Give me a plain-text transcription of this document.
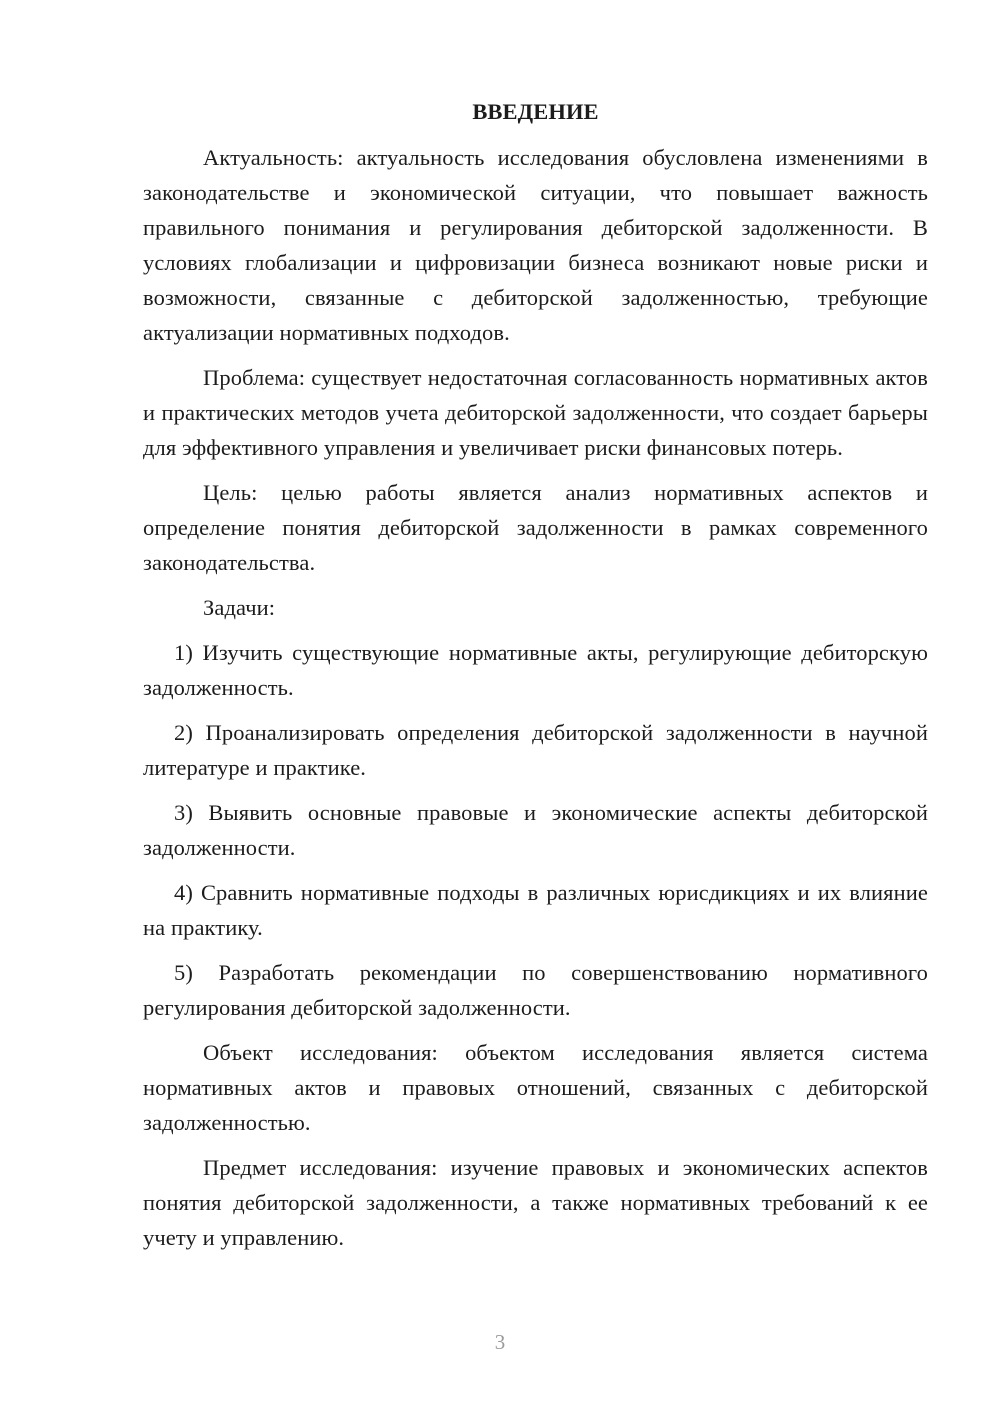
ВВЕДЕНИЕ

Актуальность: актуальность исследования обусловлена изменениями в законодательстве и экономической ситуации, что повышает важность правильного понимания и регулирования дебиторской задолженности. В условиях глобализации и цифровизации бизнеса возникают новые риски и возможности, связанные с дебиторской задолженностью, требующие актуализации нормативных подходов.

Проблема: существует недостаточная согласованность нормативных актов и практических методов учета дебиторской задолженности, что создает барьеры для эффективного управления и увеличивает риски финансовых потерь.

Цель: целью работы является анализ нормативных аспектов и определение понятия дебиторской задолженности в рамках современного законодательства.

Задачи:

1) Изучить существующие нормативные акты, регулирующие дебиторскую задолженность.

2) Проанализировать определения дебиторской задолженности в научной литературе и практике.

3) Выявить основные правовые и экономические аспекты дебиторской задолженности.

4) Сравнить нормативные подходы в различных юрисдикциях и их влияние на практику.

5) Разработать рекомендации по совершенствованию нормативного регулирования дебиторской задолженности.

Объект исследования: объектом исследования является система нормативных актов и правовых отношений, связанных с дебиторской задолженностью.

Предмет исследования: изучение правовых и экономических аспектов понятия дебиторской задолженности, а также нормативных требований к ее учету и управлению.

3
